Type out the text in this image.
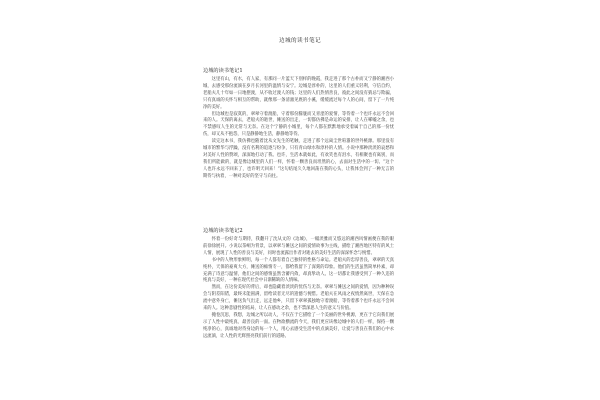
边城的读书笔记
边城的读书笔记1

这里有山，有水，有人家，有那同一片蓝天下别样的晚霞，我走进了那个古朴而又宁静的湘西小城，去感受那份流淌在岁月长河里的温情与安宁。边城是淳朴的，这里的人们重义轻利，守信自约，老船夫几十年如一日地摆渡，从不收过渡人的钱；这里的人们热情善良，彼此之间没有猜忌与欺骗，只有真诚的关怀与相互的帮助，就像那一条清澈见底的小溪，缓缓流过每个人的心间，留下了一片纯净的美好。

但边城也是寂寞的，翠翠守着渡船，守着那份朦胧而又青涩的爱情，等待着一个也许永远不会回来的人。天保的离去，老船夫的逝世，傩送的出走，一切都仿佛是命运的安排，让人在唏嘘之余，也不禁感叹人生的无常与无奈。在这个宁静的小城里，每个人都在默默地承受着属于自己的那一份忧伤，却又从不抱怨，只是静静地生活，静静地等待。

读完这本书，我仿佛也随着沈从文先生的笔触，走进了那个远离尘世喧嚣的世外桃源。那里没有城市的繁华与浮躁，没有名利的追逐与纷争，只有青山绿水和淳朴的人情。小说中那种淡淡的哀愁和对美好人性的赞颂，深深地打动了我。也许，生活本就如此，有欢笑也有泪水，有相聚也有离别，而我们所能做的，就是像边城里的人们一样，怀着一颗善良而坦然的心，去面对生活中的一切。“这个人也许永远不回来了，也许明天回来！”这句结尾久久地回荡在我的心头，让我体会到了一种无言的期待与执着，一种对美好的坚守与向往。

边城的读书笔记2

怀着一份好奇与期待，我翻开了沈从文的《边城》，一幅淡雅而又悠远的湘西风情画便在我的眼前徐徐展开。小说以茶峒为背景，以翠翠与傩送之间的爱情故事为主线，描绘了湘西地区特有的风土人情，展现了人性的善良与美好，同时也流露出作者对逝去的美好生活的深深怀念与惋惜。

书中的人物形象鲜明，每一个人都有着自己独特的性格与命运。老船夫的忠厚善良，翠翠的天真纯朴，天保的豪爽大方，傩送的痴情专一，都给我留下了深刻的印象。他们的生活虽然简单朴素，却充满了诗意与温情，他们之间的感情虽然含蓄内敛，却真挚动人。这一切都让我感受到了一种久违的纯真与美好，一种在现代社会中日渐稀缺的人情味。

然而，在这份美好的背后，却也隐藏着淡淡的忧伤与无奈。翠翠与傩送之间的爱情，因为种种误会与阴差阳错，最终未能圆满，留给读者无尽的遗憾与惋惜。老船夫在风雨之夜悄然离世，天保在急流中意外身亡，傩送负气出走，远走他乡，只留下翠翠孤独地守着渡船，等待着那个也许永远不会回来的人。这种悲剧性的结局，让人在感动之余，也不禁深思人生的意义与价值。

掩卷沉思，我想，边城之所以动人，不仅在于它描绘了一个美丽的世外桃源，更在于它向我们展示了人性中最纯真、最善良的一面。在物欲横流的今天，我们更应该像边城中的人们一样，保持一颗纯净的心，真诚地对待身边的每一个人，用心去感受生活中的点滴美好，让爱与善良在我们的心中永远流淌，让人性的光辉照亮我们前行的道路。
